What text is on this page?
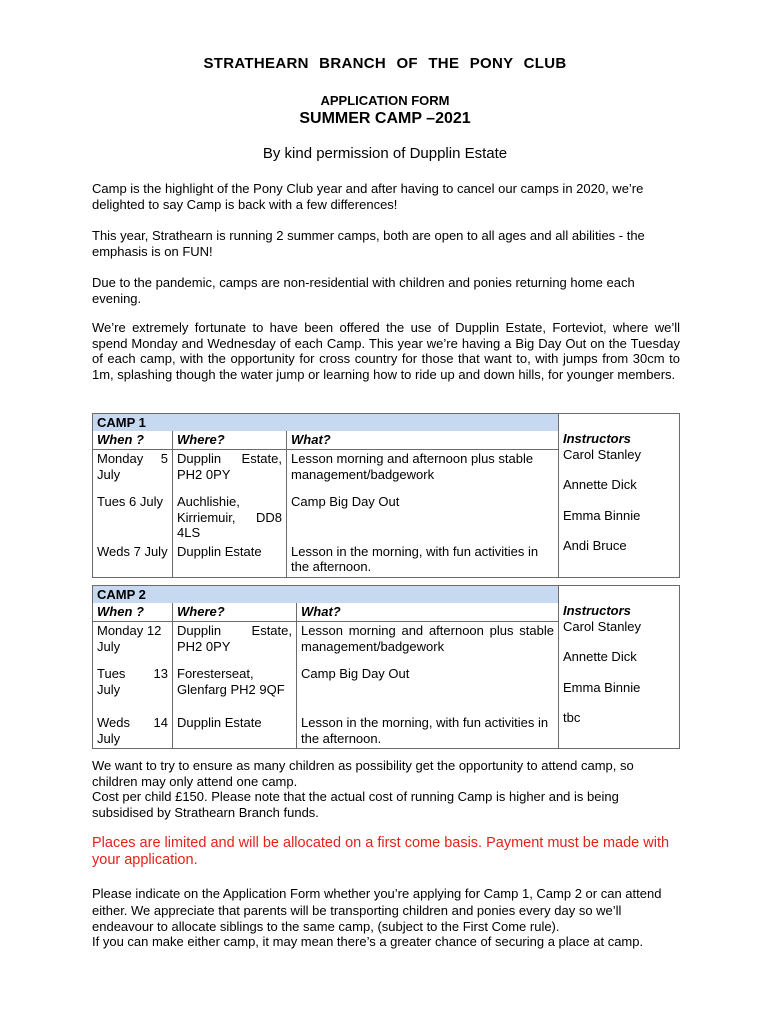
STRATHEARN BRANCH OF THE PONY CLUB
APPLICATION FORM
SUMMER CAMP –2021
By kind permission of Dupplin Estate

Camp is the highlight of the Pony Club year and after having to cancel our camps in 2020, we’re delighted to say Camp is back with a few differences!

This year, Strathearn is running 2 summer camps, both are open to all ages and all abilities - the emphasis is on FUN!

Due to the pandemic, camps are non-residential with children and ponies returning home each evening.

We’re extremely fortunate to have been offered the use of Dupplin Estate, Forteviot, where we’ll spend Monday and Wednesday of each Camp. This year we’re having a Big Day Out on the Tuesday of each camp, with the opportunity for cross country for those that want to, with jumps from 30cm to 1m, splashing though the water jump or learning how to ride up and down hills, for younger members.

CAMP 1			Instructors
Carol Stanley
Annette Dick
Emma Binnie
Andi Bruce

When ?	Where?	What?	
Monday 5 July	Dupplin Estate, PH2 0PY	Lesson morning and afternoon plus stable management/badgework	
Tues 6 July	Auchlishie, Kirriemuir, DD8 4LS	Camp Big Day Out	
Weds 7 July	Dupplin Estate	Lesson in the morning, with fun activities in the afternoon.	
CAMP 2			Instructors
Carol Stanley
Annette Dick
Emma Binnie
tbc

When ?	Where?	What?	
Monday 12 July	Dupplin Estate, PH2 0PY	Lesson morning and afternoon plus stable management/badgework	
Tues 13 July	Foresterseat, Glenfarg PH2 9QF	Camp Big Day Out	
Weds 14 July	Dupplin Estate	Lesson in the morning, with fun activities in the afternoon.	

We want to try to ensure as many children as possibility get the opportunity to attend camp, so children may only attend one camp.

Cost per child £150. Please note that the actual cost of running Camp is higher and is being subsidised by Strathearn Branch funds.

Places are limited and will be allocated on a first come basis. Payment must be made with your application.

Please indicate on the Application Form whether you’re applying for Camp 1, Camp 2 or can attend either. We appreciate that parents will be transporting children and ponies every day so we’ll endeavour to allocate siblings to the same camp, (subject to the First Come rule).

If you can make either camp, it may mean there’s a greater chance of securing a place at camp.
